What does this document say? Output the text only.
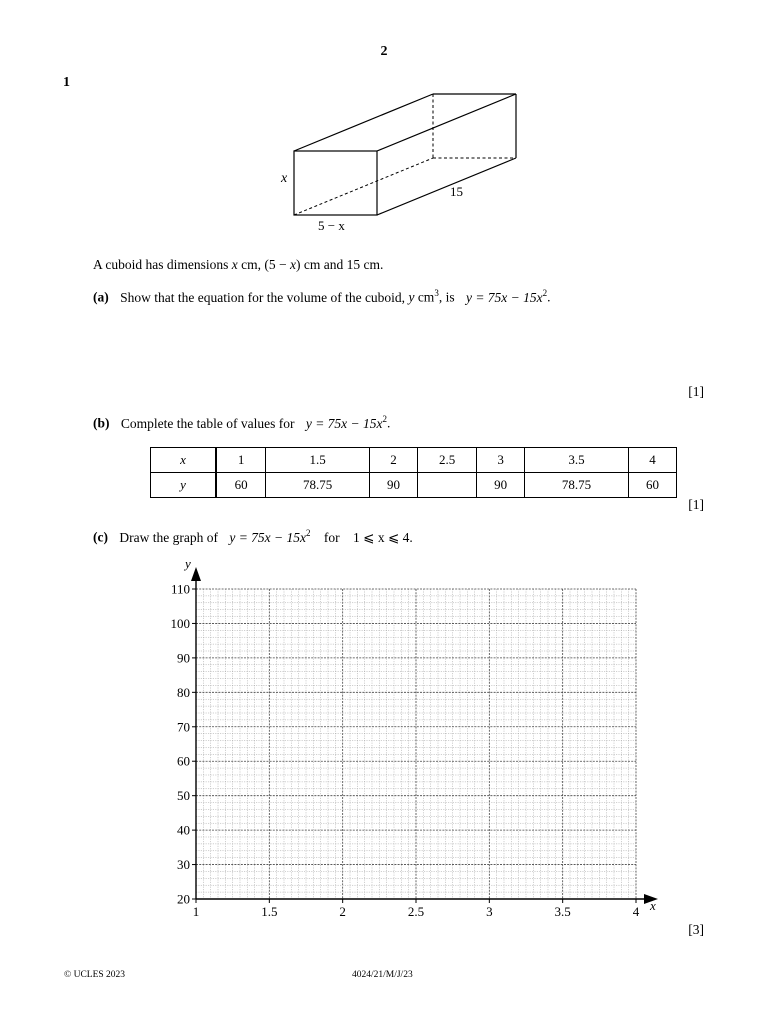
2
1
x
5 − x
15
A cuboid has dimensions x cm, (5 − x) cm and 15 cm.
(a) Show that the equation for the volume of the cuboid, y $cm^3$, is $y = 75x - 15x^2$.
[1]
(b) Complete the table of values for $y = 75x - 15x^2$.
x	1	1.5	2	2.5	3	3.5	4
y	60	78.75	90		90	78.75	60
[1]
(c) Draw the graph of $y = 75x - 15x^2$ for 1 ⩽ x ⩽ 4.
x
y
1	1.5	2	2.5	3	3.5	4
20
30
40
50
60
70
80
90
100
110
[3]
© UCLES 2023	4024/21/M/J/23
